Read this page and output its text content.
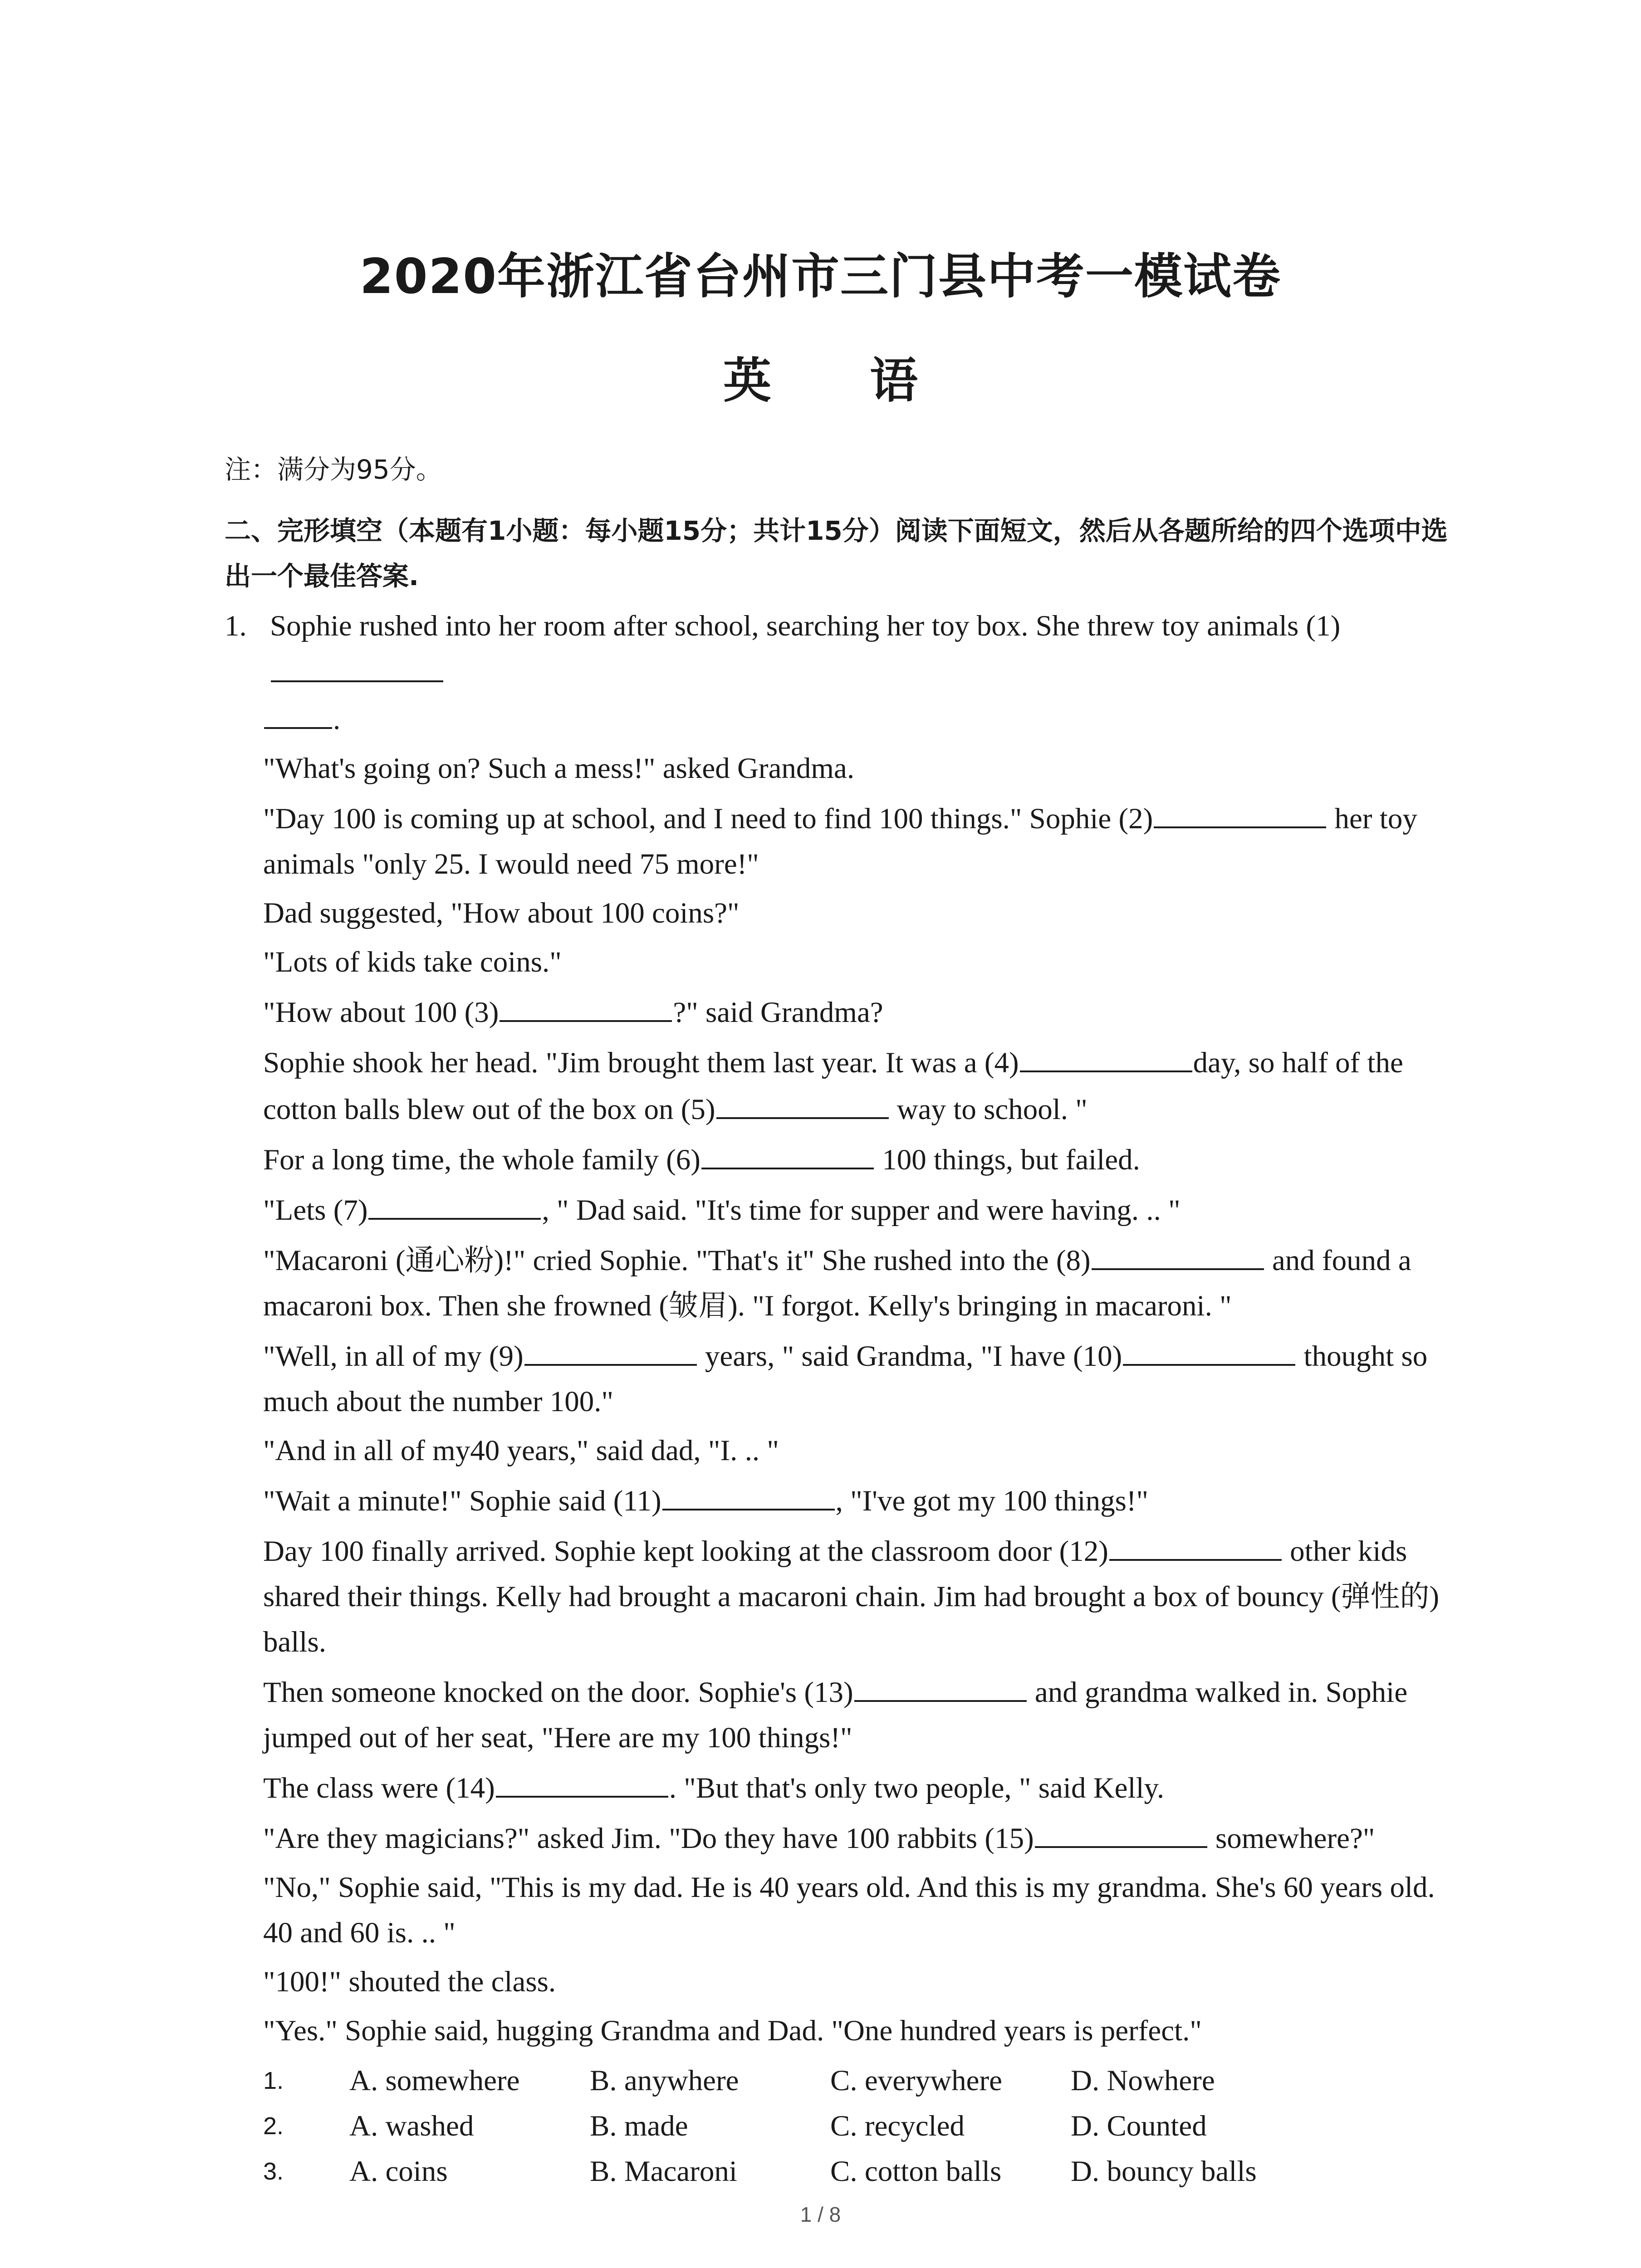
2020年浙江省台州市三门县中考一模试卷
英 语
注：满分为95分。
二、完形填空（本题有1小题：每小题15分；共计15分）阅读下面短文，然后从各题所给的四个选项中选出一个最佳答案.
1. Sophie rushed into her room after school, searching her toy box. She threw toy animals (1)
.
"What's going on? Such a mess!" asked Grandma.
"Day 100 is coming up at school, and I need to find 100 things." Sophie (2)	her toy animals "only 25. I would need 75 more!"
Dad suggested, "How about 100 coins?"
"Lots of kids take coins."
"How about 100 (3)	?" said Grandma?
Sophie shook her head. "Jim brought them last year. It was a (4)	day, so half of the cotton balls blew out of the box on (5)	way to school. "
For a long time, the whole family (6)	100 things, but failed.
"Lets (7)	, " Dad said. "It's time for supper and were having. .. "
"Macaroni (通心粉)!" cried Sophie. "That's it" She rushed into the (8)	and found a macaroni box. Then she frowned (皱眉). "I forgot. Kelly's bringing in macaroni. "
"Well, in all of my (9)	years, " said Grandma, "I have (10)	thought so much about the number 100."
"And in all of my40 years," said dad, "I. .. "
"Wait a minute!" Sophie said (11)	, "I've got my 100 things!"
Day 100 finally arrived. Sophie kept looking at the classroom door (12)	other kids shared their things. Kelly had brought a macaroni chain. Jim had brought a box of bouncy (弹性的) balls.
Then someone knocked on the door. Sophie's (13)	and grandma walked in. Sophie jumped out of her seat, "Here are my 100 things!"
The class were (14)	. "But that's only two people, " said Kelly.
"Are they magicians?" asked Jim. "Do they have 100 rabbits (15)	somewhere?"
"No," Sophie said, "This is my dad. He is 40 years old. And this is my grandma. She's 60 years old. 40 and 60 is. .. "
"100!" shouted the class.
"Yes." Sophie said, hugging Grandma and Dad. "One hundred years is perfect."
1.	A. somewhere	B. anywhere	C. everywhere	D. Nowhere
2.	A. washed	B. made	C. recycled	D. Counted
3.	A. coins	B. Macaroni	C. cotton balls	D. bouncy balls
1 / 8
